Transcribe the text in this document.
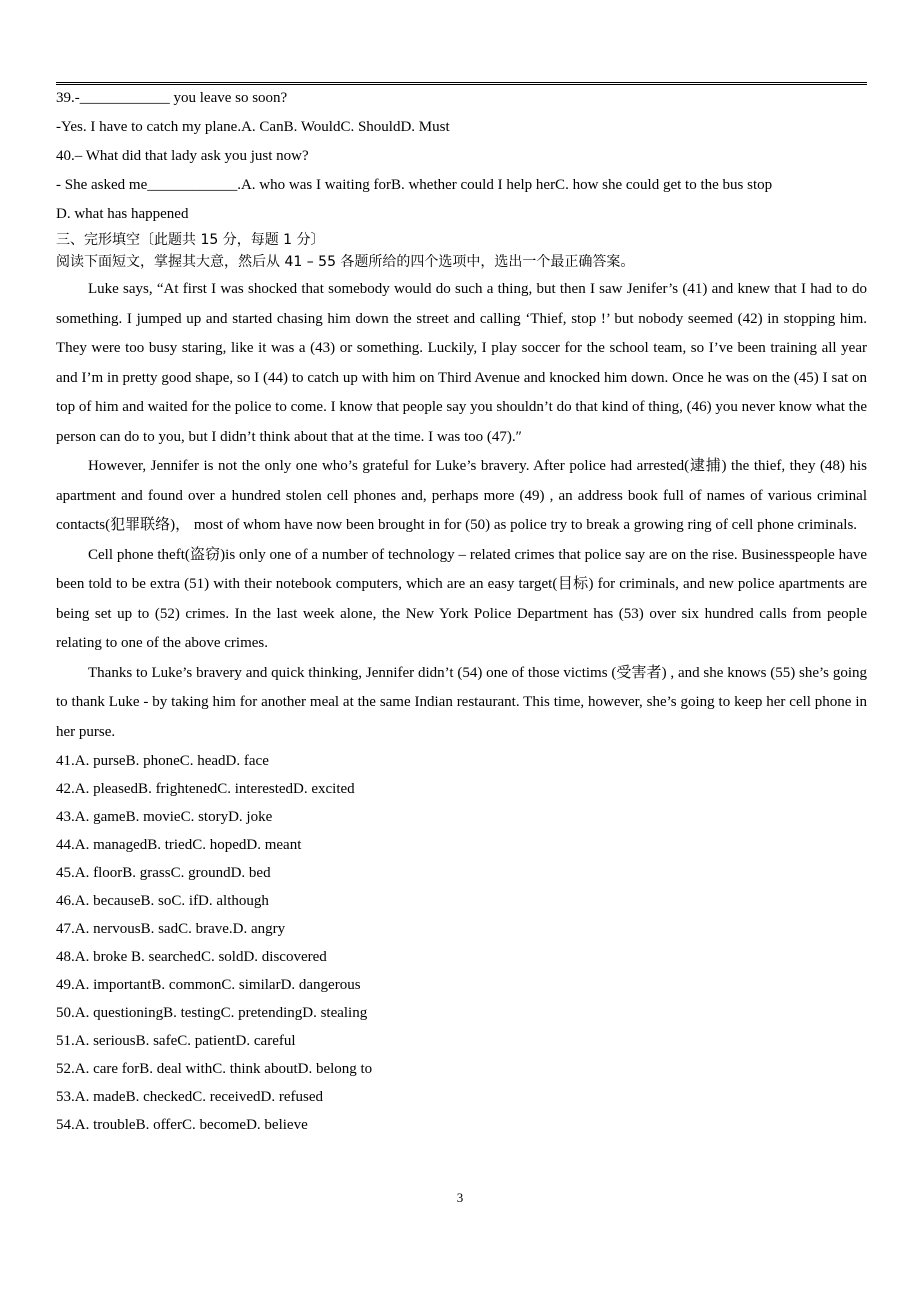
39.-____________ you leave so soon?
-Yes. I have to catch my plane.A. CanB. WouldC. ShouldD. Must
40.– What did that lady ask you just now?
- She asked me____________.A. who was I waiting forB. whether could I help herC. how she could get to the bus stop
D. what has happened
三、完形填空〔此题共 15 分，每题 1 分〕
阅读下面短文，掌握其大意，然后从 41 – 55 各题所给的四个选项中，选出一个最正确答案。
Luke says, “At first I was shocked that somebody would do such a thing, but then I saw Jenifer’s (41) and knew that I had to do something. I jumped up and started chasing him down the street and calling ‘Thief, stop !’ but nobody seemed (42) in stopping him. They were too busy staring, like it was a (43) or something. Luckily, I play soccer for the school team, so I’ve been training all year and I’m in pretty good shape, so I (44) to catch up with him on Third Avenue and knocked him down. Once he was on the (45) I sat on top of him and waited for the police to come. I know that people say you shouldn’t do that kind of thing, (46) you never know what the person can do to you, but I didn’t think about that at the time. I was too (47).″
However, Jennifer is not the only one who’s grateful for Luke’s bravery. After police had arrested(逮捕) the thief, they (48) his apartment and found over a hundred stolen cell phones and, perhaps more (49) , an address book full of names of various criminal contacts(犯罪联络)， most of whom have now been brought in for (50) as police try to break a growing ring of cell phone criminals.
Cell phone theft(盗窃)is only one of a number of technology – related crimes that police say are on the rise. Businesspeople have been told to be extra (51) with their notebook computers, which are an easy target(目标) for criminals, and new police apartments are being set up to (52) crimes. In the last week alone, the New York Police Department has (53) over six hundred calls from people relating to one of the above crimes.
Thanks to Luke’s bravery and quick thinking, Jennifer didn’t (54) one of those victims (受害者) , and she knows (55) she’s going to thank Luke - by taking him for another meal at the same Indian restaurant. This time, however, she’s going to keep her cell phone in her purse.
41.A. purseB. phoneC. headD. face
42.A. pleasedB. frightenedC. interestedD. excited
43.A. gameB. movieC. storyD. joke
44.A. managedB. triedC. hopedD. meant
45.A. floorB. grassC. groundD. bed
46.A. becauseB. soC. ifD. although
47.A. nervousB. sadC. brave.D. angry
48.A. broke B. searchedC. soldD. discovered
49.A. importantB. commonC. similarD. dangerous
50.A. questioningB. testingC. pretendingD. stealing
51.A. seriousB. safeC. patientD. careful
52.A. care forB. deal withC. think aboutD. belong to
53.A. madeB. checkedC. receivedD. refused
54.A. troubleB. offerC. becomeD. believe
3
